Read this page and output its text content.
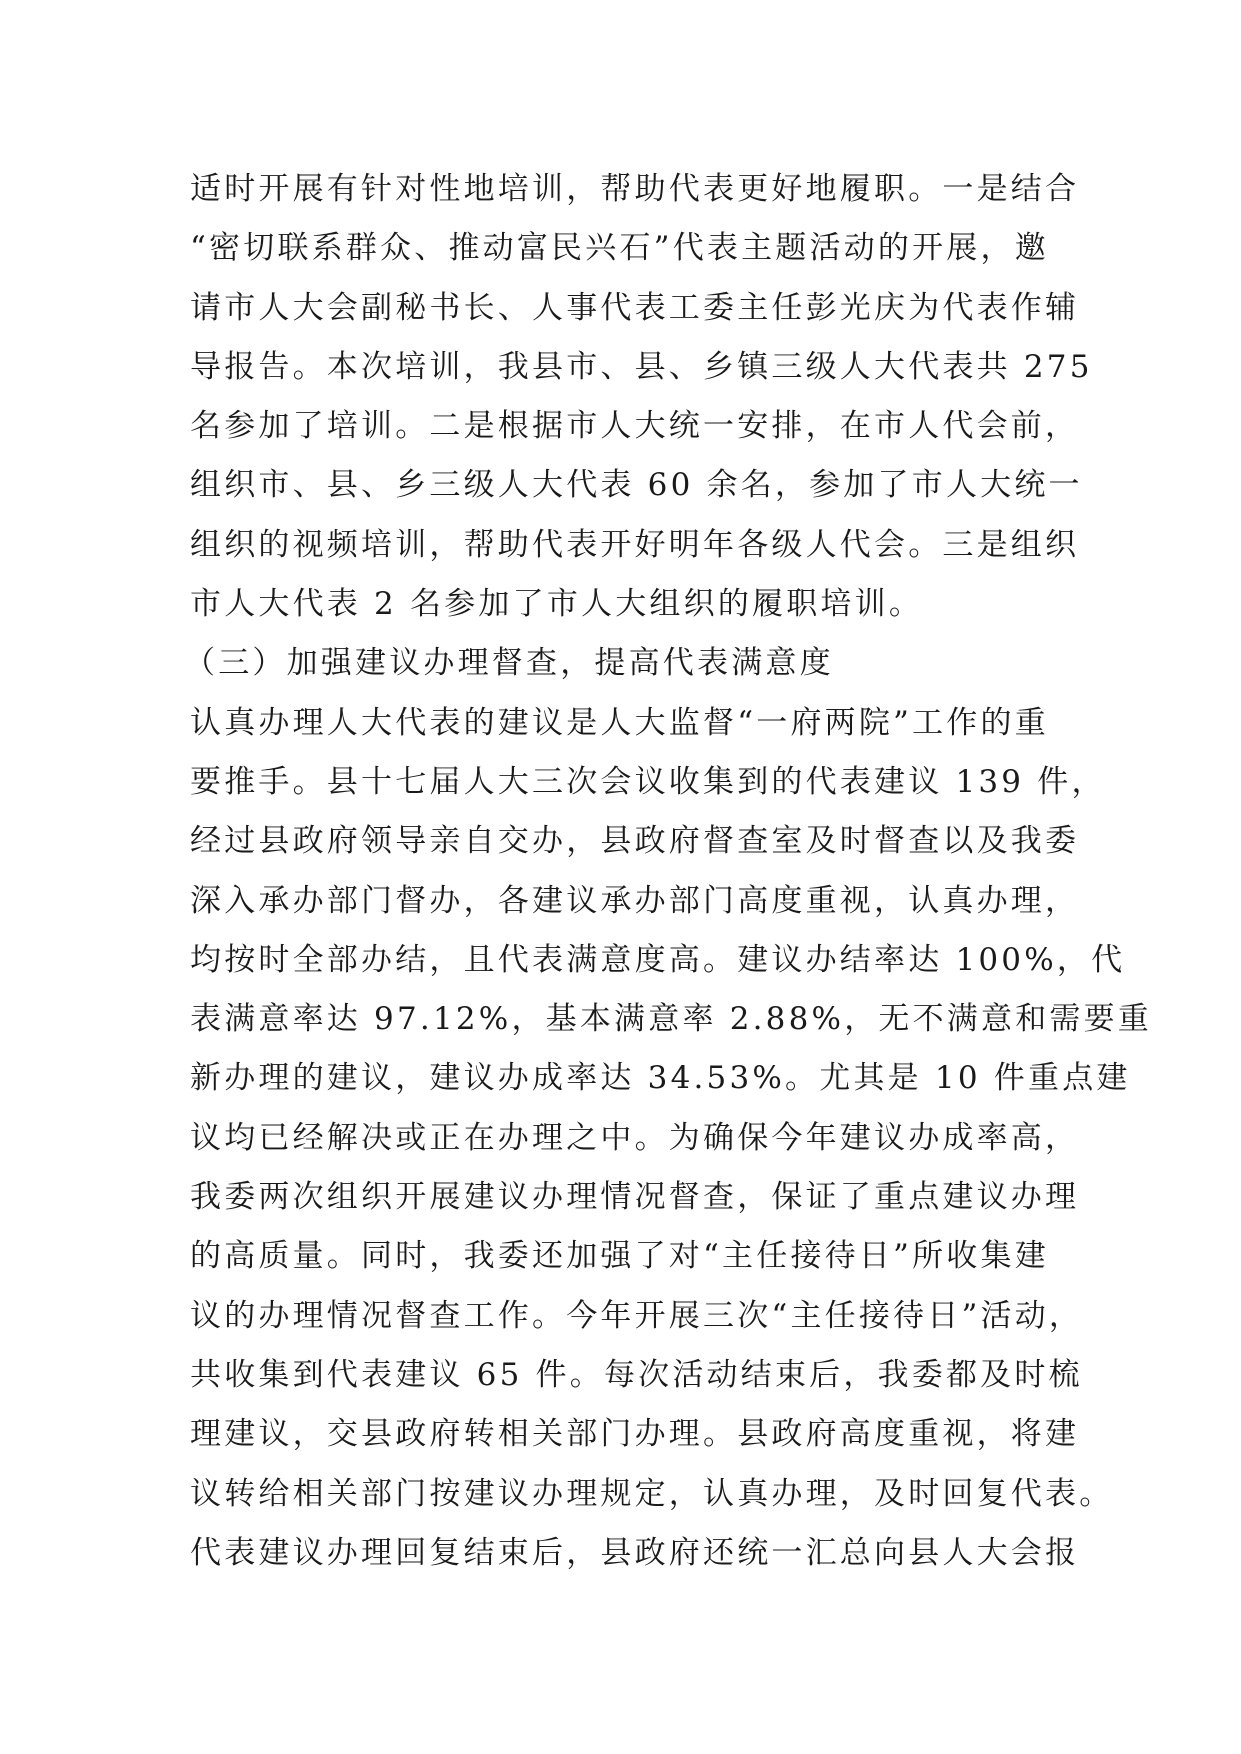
适时开展有针对性地培训，帮助代表更好地履职。一是结合
“密切联系群众、推动富民兴石”代表主题活动的开展，邀
请市人大会副秘书长、人事代表工委主任彭光庆为代表作辅
导报告。本次培训，我县市、县、乡镇三级人大代表共 275
名参加了培训。二是根据市人大统一安排，在市人代会前，
组织市、县、乡三级人大代表 60 余名，参加了市人大统一
组织的视频培训，帮助代表开好明年各级人代会。三是组织
市人大代表 2 名参加了市人大组织的履职培训。
（三）加强建议办理督查，提高代表满意度
认真办理人大代表的建议是人大监督“一府两院”工作的重
要推手。县十七届人大三次会议收集到的代表建议 139 件，
经过县政府领导亲自交办，县政府督查室及时督查以及我委
深入承办部门督办，各建议承办部门高度重视，认真办理，
均按时全部办结，且代表满意度高。建议办结率达 100%，代
表满意率达 97.12%，基本满意率 2.88%，无不满意和需要重
新办理的建议，建议办成率达 34.53%。尤其是 10 件重点建
议均已经解决或正在办理之中。为确保今年建议办成率高，
我委两次组织开展建议办理情况督查，保证了重点建议办理
的高质量。同时，我委还加强了对“主任接待日”所收集建
议的办理情况督查工作。今年开展三次“主任接待日”活动，
共收集到代表建议 65 件。每次活动结束后，我委都及时梳
理建议，交县政府转相关部门办理。县政府高度重视，将建
议转给相关部门按建议办理规定，认真办理，及时回复代表。
代表建议办理回复结束后，县政府还统一汇总向县人大会报
